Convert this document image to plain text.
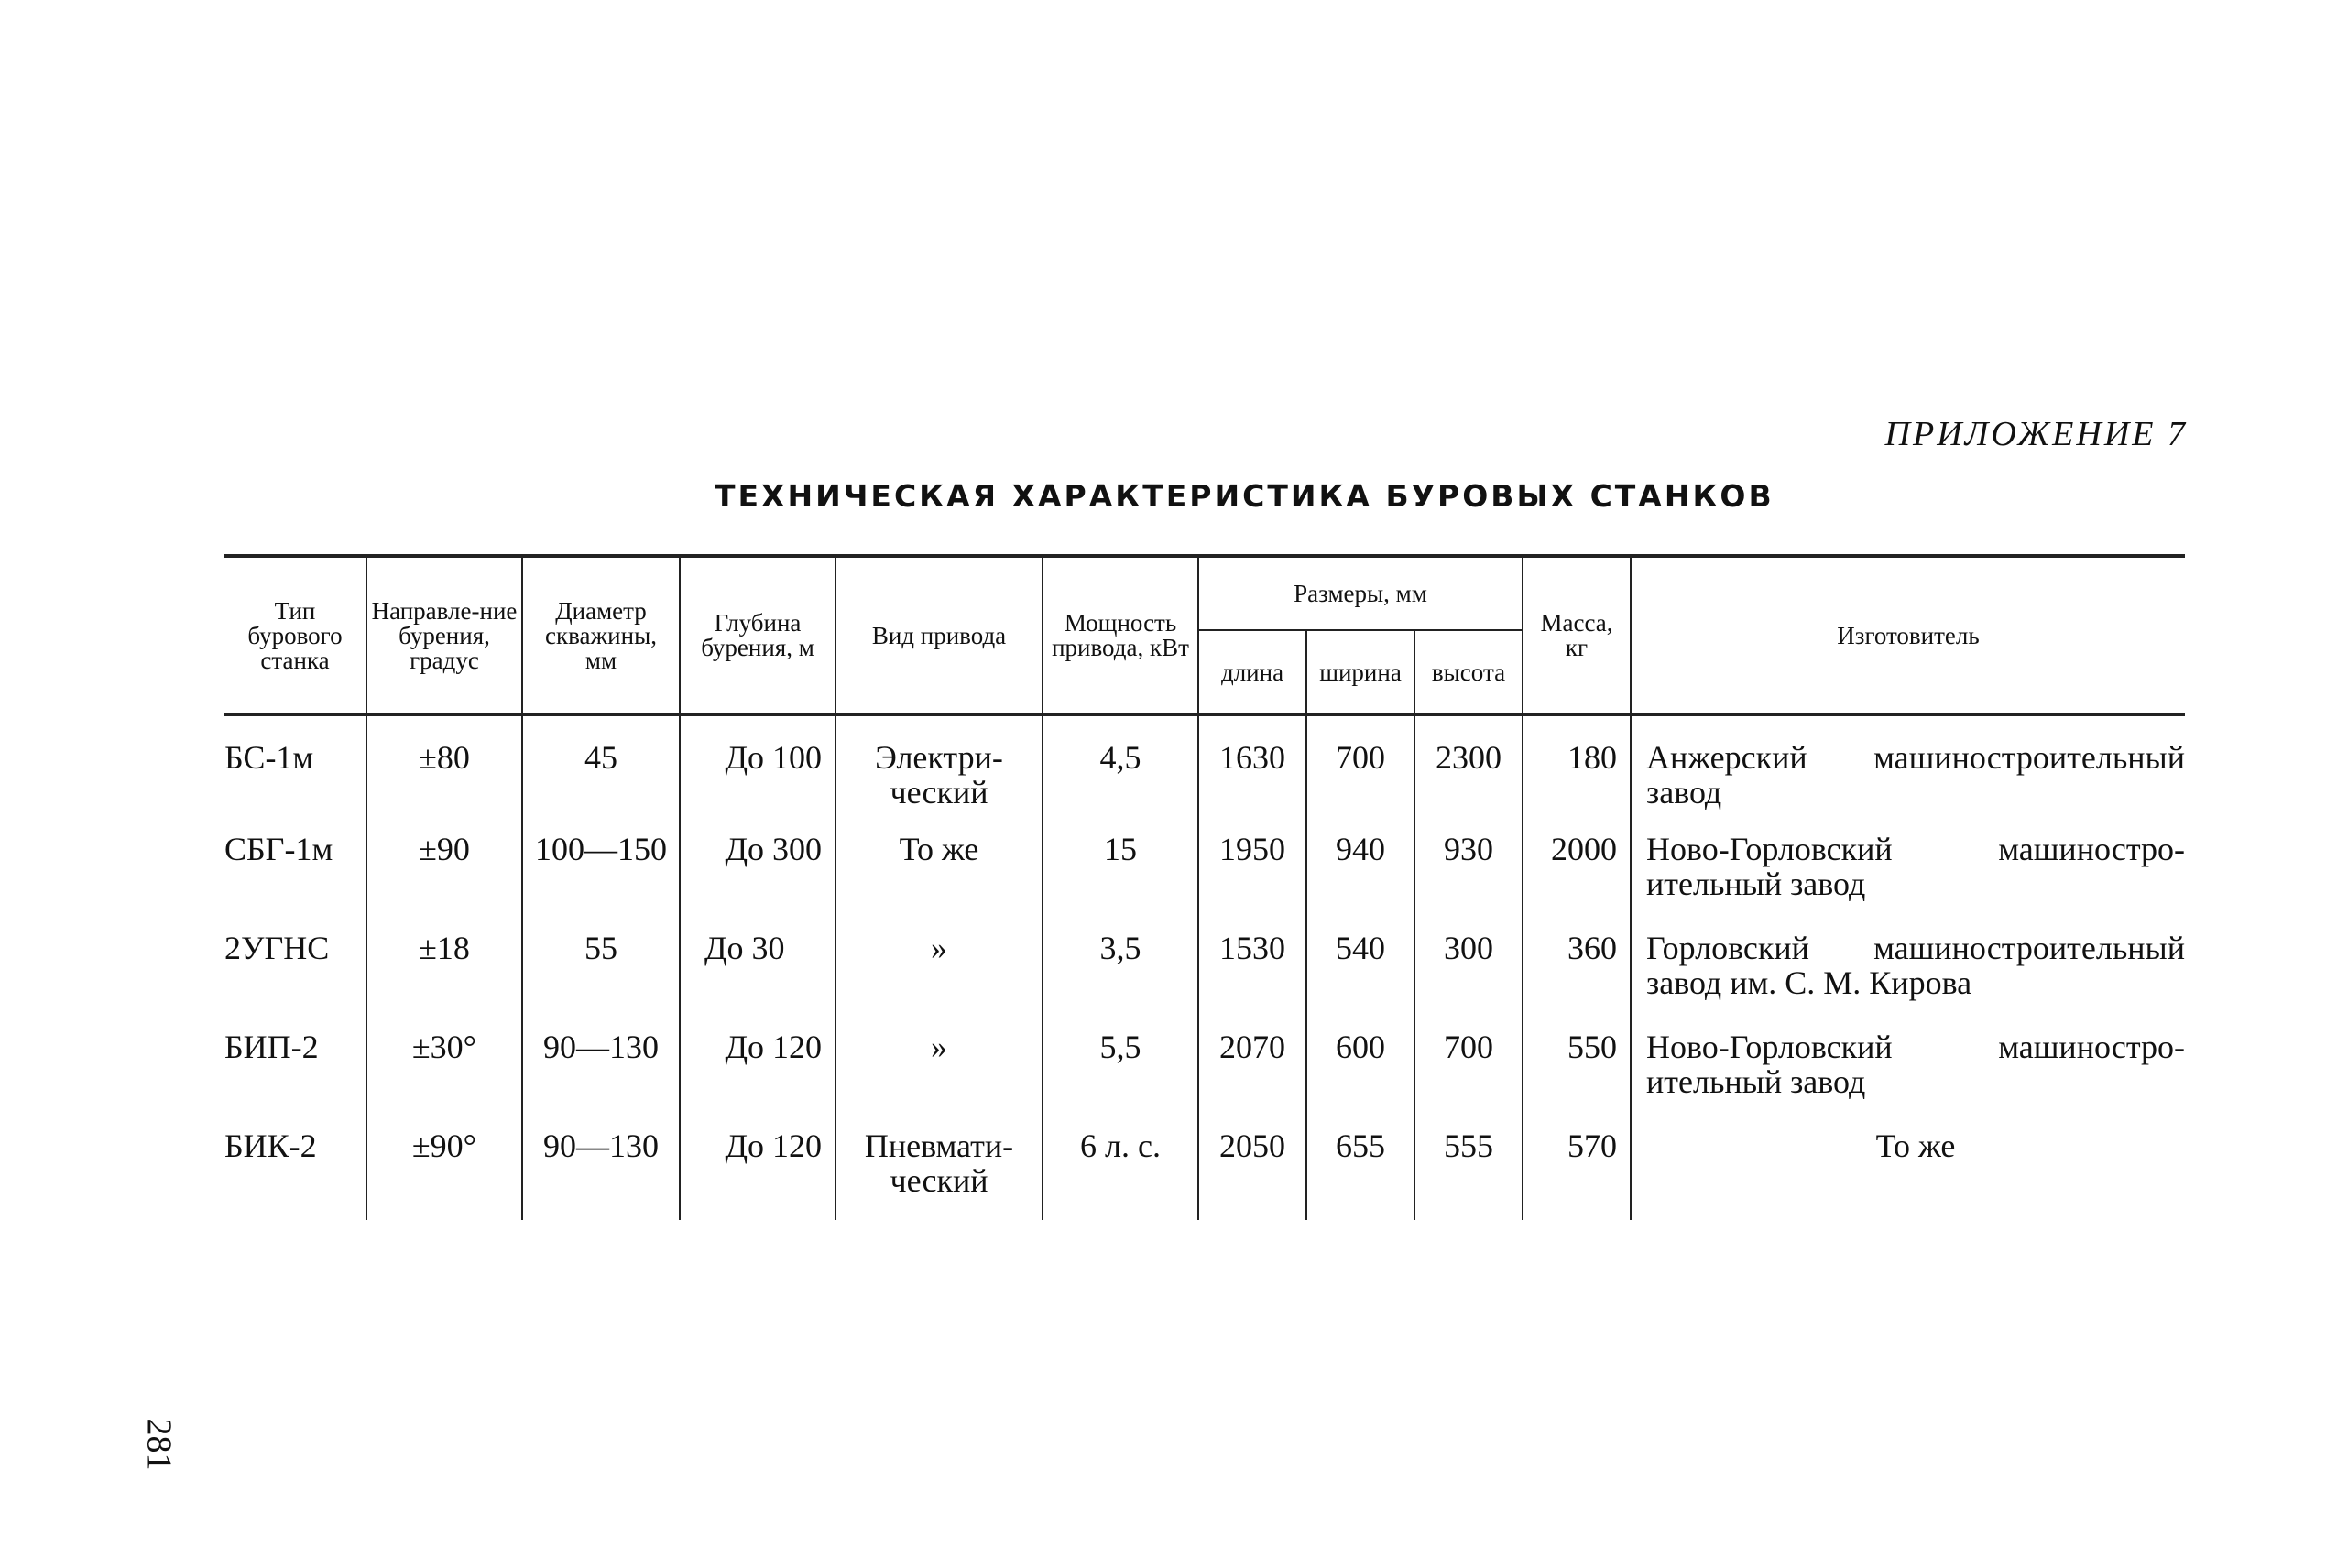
ПРИЛОЖЕНИЕ 7
ТЕХНИЧЕСКАЯ ХАРАКТЕРИСТИКА БУРОВЫХ СТАНКОВ
Тип бурового станка	Направле-ние бурения, градус	Диаметр скважины, мм	Глубина бурения, м	Вид привода	Мощность привода, кВт	Размеры, мм			Масса, кг	Изготовитель
						длина	ширина	высота		
БС-1м	±80	45	До 100	Электри-ческий	4,5	1630	700	2300	180	Анжерский машиностроительный завод
СБГ-1м	±90	100—150	До 300	То же	15	1950	940	930	2000	Ново-Горловский машиностро-ительный завод
2УГНС	±18	55	До 30	»	3,5	1530	540	300	360	Горловский машиностроительный завод им. С. М. Кирова
БИП-2	±30°	90—130	До 120	»	5,5	2070	600	700	550	Ново-Горловский машиностро-ительный завод
БИК-2	±90°	90—130	До 120	Пневмати-ческий	6 л. с.	2050	655	555	570	То же
281
